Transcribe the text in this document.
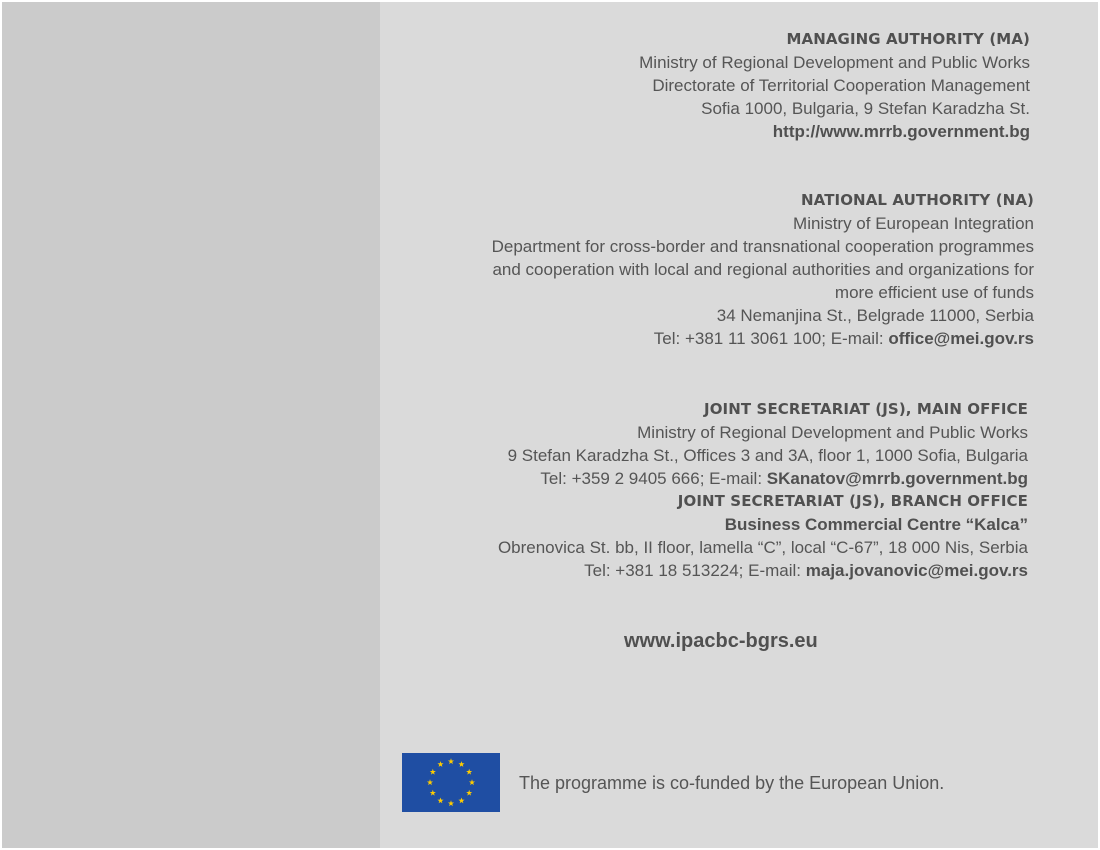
MANAGING AUTHORITY (MA)
Ministry of Regional Development and Public Works
Directorate of Territorial Cooperation Management
Sofia 1000, Bulgaria, 9 Stefan Karadzha St.
http://www.mrrb.government.bg
NATIONAL AUTHORITY (NA)
Ministry of European Integration
Department for cross-border and transnational cooperation programmes
and cooperation with local and regional authorities and organizations for
more efficient use of funds
34 Nemanjina St., Belgrade 11000, Serbia
Tel: +381 11 3061 100; E-mail: office@mei.gov.rs
JOINT SECRETARIAT (JS), MAIN OFFICE
Ministry of Regional Development and Public Works
9 Stefan Karadzha St., Offices 3 and 3A, floor 1, 1000 Sofia, Bulgaria
Tel: +359 2 9405 666; E-mail: SKanatov@mrrb.government.bg
JOINT SECRETARIAT (JS), BRANCH OFFICE
Business Commercial Centre “Kalca”
Obrenovica St. bb, II floor, lamella “C”, local “C-67”, 18 000 Nis, Serbia
Tel: +381 18 513224; E-mail: maja.jovanovic@mei.gov.rs
www.ipacbc-bgrs.eu
The programme is co-funded by the European Union.
